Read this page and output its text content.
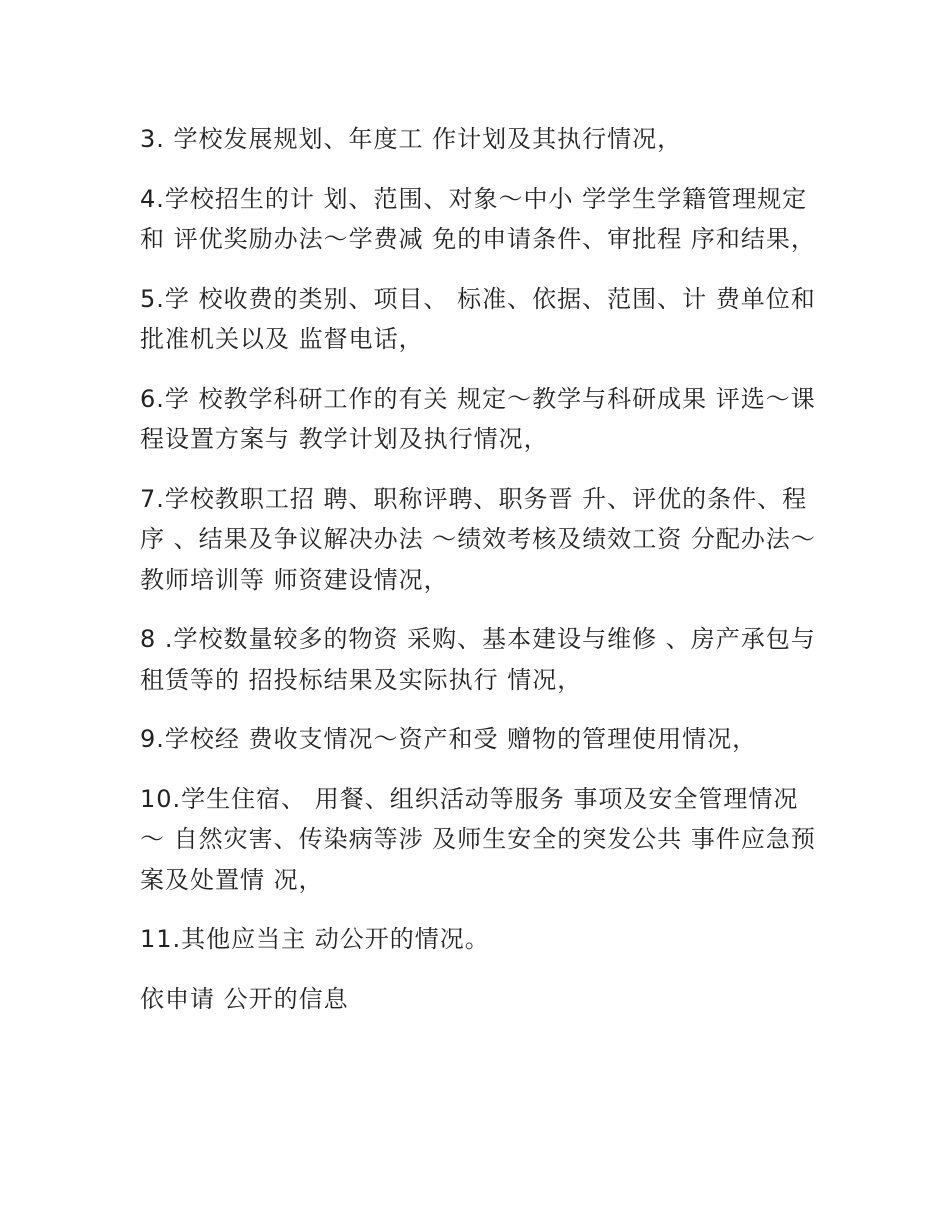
3. 学校发展规划、年度工 作计划及其执行情况，

4.学校招生的计 划、范围、对象～中小 学学生学籍管理规定和 评优奖励办法～学费减 免的申请条件、审批程 序和结果，

5.学 校收费的类别、项目、 标准、依据、范围、计 费单位和批准机关以及 监督电话，

6.学 校教学科研工作的有关 规定～教学与科研成果 评选～课程设置方案与 教学计划及执行情况，

7.学校教职工招 聘、职称评聘、职务晋 升、评优的条件、程序 、结果及争议解决办法 ～绩效考核及绩效工资 分配办法～教师培训等 师资建设情况，

8 .学校数量较多的物资 采购、基本建设与维修 、房产承包与租赁等的 招投标结果及实际执行 情况，

9.学校经 费收支情况～资产和受 赠物的管理使用情况，

10.学生住宿、 用餐、组织活动等服务 事项及安全管理情况～ 自然灾害、传染病等涉 及师生安全的突发公共 事件应急预案及处置情 况，

11.其他应当主 动公开的情况。

依申请 公开的信息
